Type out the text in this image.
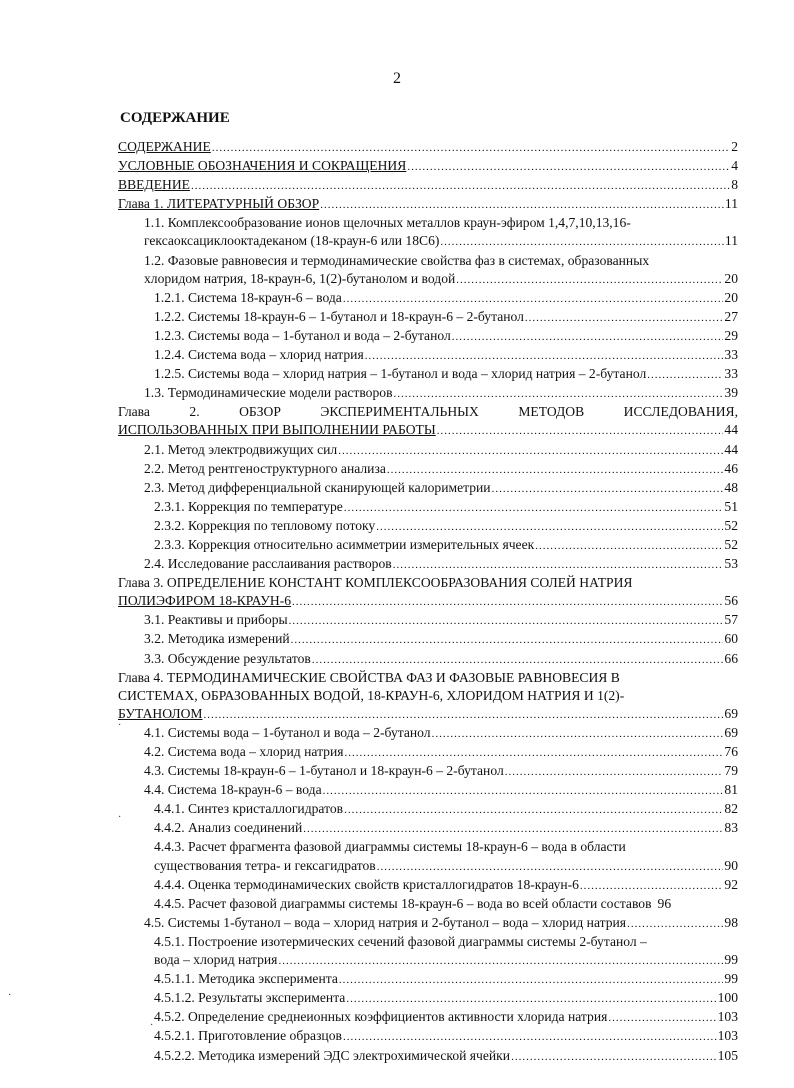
2
СОДЕРЖАНИЕ
СОДЕРЖАНИЕ .....	2
УСЛОВНЫЕ ОБОЗНАЧЕНИЯ И СОКРАЩЕНИЯ .....	4
ВВЕДЕНИЕ .....	8
Глава 1. ЛИТЕРАТУРНЫЙ ОБЗОР .....	11
1.1. Комплексообразование ионов щелочных металлов краун-эфиром 1,4,7,10,13,16-
гексаоксациклооктадеканом (18-краун-6 или 18С6) .....	11
1.2. Фазовые равновесия и термодинамические свойства фаз в системах, образованных
хлоридом натрия, 18-краун-6, 1(2)-бутанолом и водой .....	20
1.2.1. Система 18-краун-6 – вода .....	20
1.2.2. Системы 18-краун-6 – 1-бутанол и 18-краун-6 – 2-бутанол .....	27
1.2.3. Системы вода – 1-бутанол и вода – 2-бутанол .....	29
1.2.4. Система вода – хлорид натрия .....	33
1.2.5. Системы вода – хлорид натрия – 1-бутанол и вода – хлорид натрия – 2-бутанол .....	33
1.3. Термодинамические модели растворов .....	39
Глава 2. ОБЗОР ЭКСПЕРИМЕНТАЛЬНЫХ МЕТОДОВ ИССЛЕДОВАНИЯ,
ИСПОЛЬЗОВАННЫХ ПРИ ВЫПОЛНЕНИИ РАБОТЫ .....	44
2.1. Метод электродвижущих сил .....	44
2.2. Метод рентгеноструктурного анализа .....	46
2.3. Метод дифференциальной сканирующей калориметрии .....	48
2.3.1. Коррекция по температуре .....	51
2.3.2. Коррекция по тепловому потоку .....	52
2.3.3. Коррекция относительно асимметрии измерительных ячеек .....	52
2.4. Исследование расслаивания растворов .....	53
Глава 3. ОПРЕДЕЛЕНИЕ КОНСТАНТ КОМПЛЕКСООБРАЗОВАНИЯ СОЛЕЙ НАТРИЯ
ПОЛИЭФИРОМ 18-КРАУН-6 .....	56
3.1. Реактивы и приборы .....	57
3.2. Методика измерений .....	60
3.3. Обсуждение результатов .....	66
Глава 4. ТЕРМОДИНАМИЧЕСКИЕ СВОЙСТВА ФАЗ И ФАЗОВЫЕ РАВНОВЕСИЯ В
СИСТЕМАХ, ОБРАЗОВАННЫХ ВОДОЙ, 18-КРАУН-6, ХЛОРИДОМ НАТРИЯ И 1(2)-
БУТАНОЛОМ .....	69
4.1. Системы вода – 1-бутанол и вода – 2-бутанол .....	69
4.2. Система вода – хлорид натрия .....	76
4.3. Системы 18-краун-6 – 1-бутанол и 18-краун-6 – 2-бутанол .....	79
4.4. Система 18-краун-6 – вода .....	81
4.4.1. Синтез кристаллогидратов .....	82
4.4.2. Анализ соединений .....	83
4.4.3. Расчет фрагмента фазовой диаграммы системы 18-краун-6 – вода в области
существования тетра- и гексагидратов .....	90
4.4.4. Оценка термодинамических свойств кристаллогидратов 18-краун-6 .....	92
4.4.5. Расчет фазовой диаграммы системы 18-краун-6 – вода во всей области составов 96
4.5. Системы 1-бутанол – вода – хлорид натрия и 2-бутанол – вода – хлорид натрия .....	98
4.5.1. Построение изотермических сечений фазовой диаграммы системы 2-бутанол –
вода – хлорид натрия .....	99
4.5.1.1. Методика эксперимента .....	99
4.5.1.2. Результаты эксперимента .....	100
4.5.2. Определение среднеионных коэффициентов активности хлорида натрия .....	103
4.5.2.1. Приготовление образцов .....	103
4.5.2.2. Методика измерений ЭДС электрохимической ячейки .....	105
·
·
·
·
